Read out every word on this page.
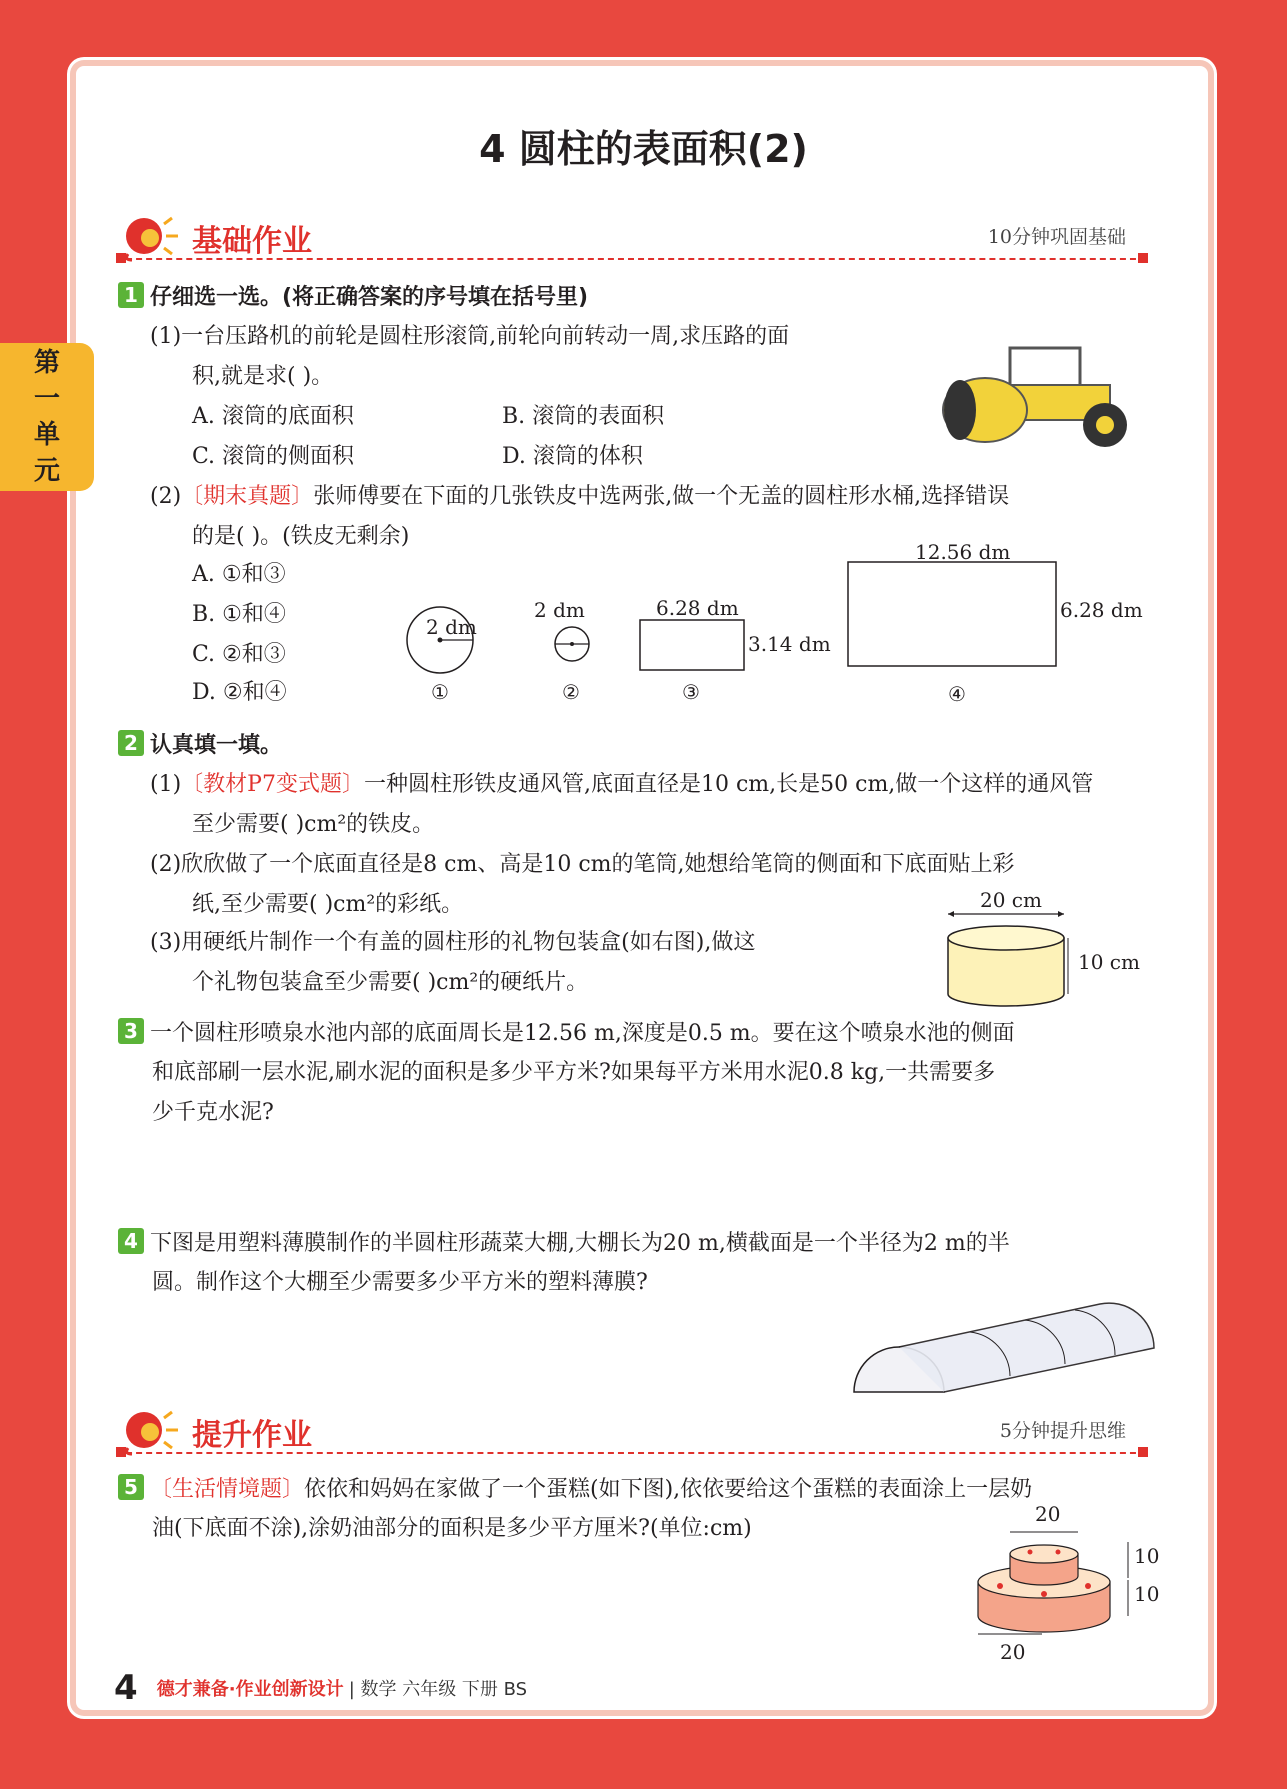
第
一
单
元
4 圆柱的表面积(2)
基础作业	10分钟巩固基础
1 仔细选一选。(将正确答案的序号填在括号里)
(1)一台压路机的前轮是圆柱形滚筒,前轮向前转动一周,求压路的面
积,就是求( )。
A. 滚筒的底面积	B. 滚筒的表面积
C. 滚筒的侧面积	D. 滚筒的体积
(2)〔期末真题〕张师傅要在下面的几张铁皮中选两张,做一个无盖的圆柱形水桶,选择错误
的是( )。(铁皮无剩余)
A. ①和③
B. ①和④
C. ②和③
D. ②和④
2 dm
①
2 dm
②
6.28 dm
3.14 dm
③
12.56 dm
6.28 dm
④
2 认真填一填。
(1)〔教材P7变式题〕一种圆柱形铁皮通风管,底面直径是10 cm,长是50 cm,做一个这样的通风管
至少需要( )cm²的铁皮。
(2)欣欣做了一个底面直径是8 cm、高是10 cm的笔筒,她想给笔筒的侧面和下底面贴上彩
纸,至少需要( )cm²的彩纸。
(3)用硬纸片制作一个有盖的圆柱形的礼物包装盒(如右图),做这
个礼物包装盒至少需要( )cm²的硬纸片。
20 cm
10 cm
3 一个圆柱形喷泉水池内部的底面周长是12.56 m,深度是0.5 m。要在这个喷泉水池的侧面
和底部刷一层水泥,刷水泥的面积是多少平方米?如果每平方米用水泥0.8 kg,一共需要多
少千克水泥?
4 下图是用塑料薄膜制作的半圆柱形蔬菜大棚,大棚长为20 m,横截面是一个半径为2 m的半
圆。制作这个大棚至少需要多少平方米的塑料薄膜?
提升作业	5分钟提升思维
5 〔生活情境题〕依依和妈妈在家做了一个蛋糕(如下图),依依要给这个蛋糕的表面涂上一层奶
油(下底面不涂),涂奶油部分的面积是多少平方厘米?(单位:cm)
20
10
10
20
4 德才兼备·作业创新设计 | 数学 六年级 下册 BS
